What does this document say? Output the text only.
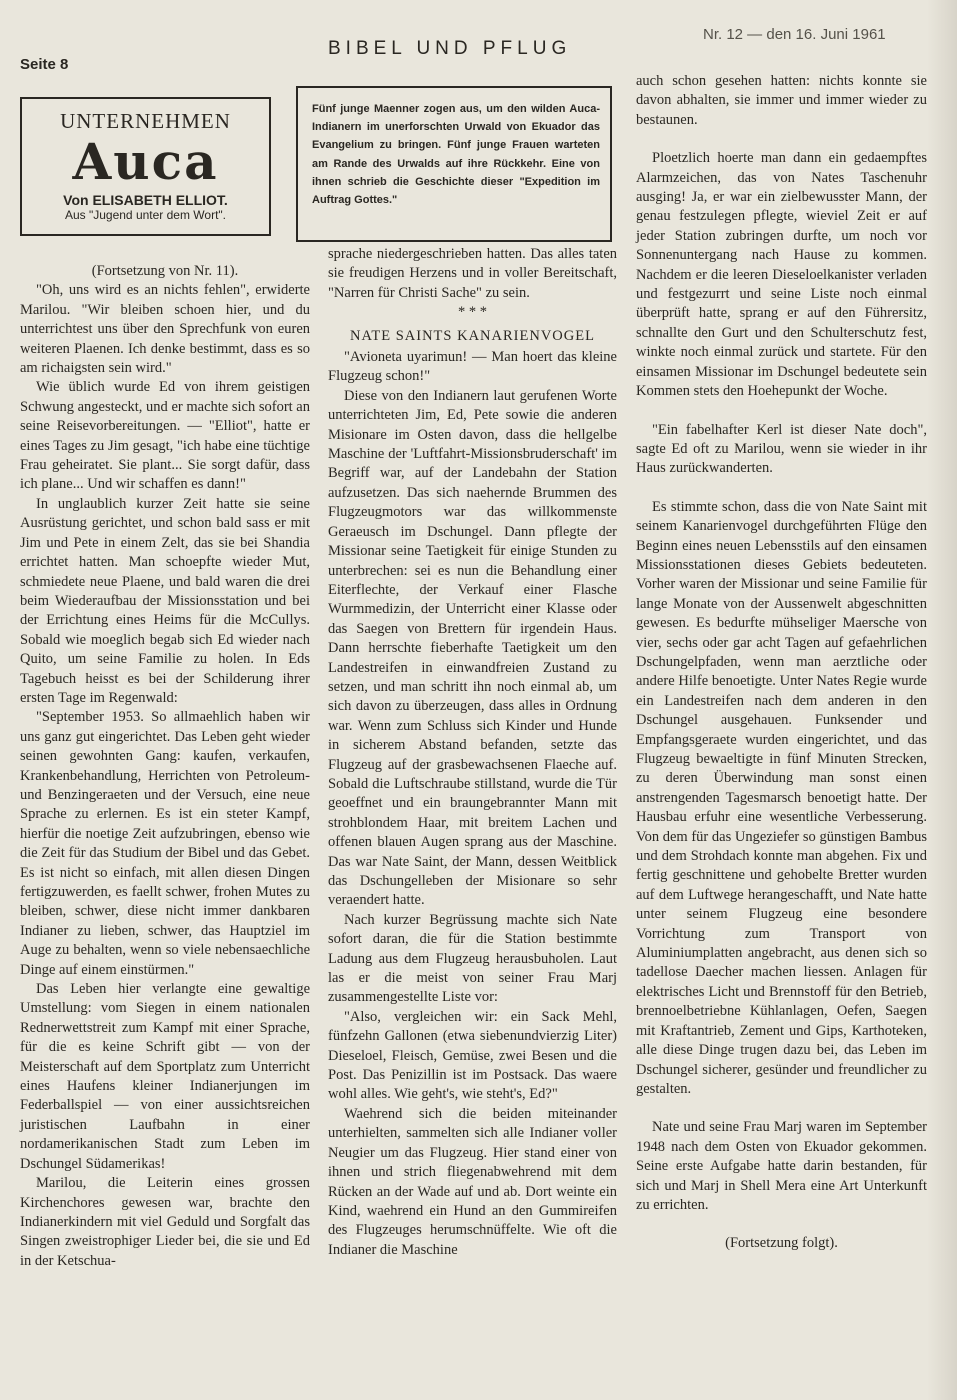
Seite 8
BIBEL UND PFLUG
Nr. 12 — den 16. Juni 1961
UNTERNEHMEN
Auca
Von ELISABETH ELLIOT.
Aus "Jugend unter dem Wort".
Fünf junge Maenner zogen aus, um den wilden Auca-Indianern im unerforschten Urwald von Ekuador das Evangelium zu bringen. Fünf junge Frauen warteten am Rande des Urwalds auf ihre Rückkehr. Eine von ihnen schrieb die Geschichte dieser "Expedition im Auftrag Gottes."

(Fortsetzung von Nr. 11).

"Oh, uns wird es an nichts fehlen", erwiderte Marilou. "Wir bleiben schoen hier, und du unterrichtest uns über den Sprechfunk von euren weiteren Plaenen. Ich denke bestimmt, dass es so am richaigsten sein wird."

Wie üblich wurde Ed von ihrem geistigen Schwung angesteckt, und er machte sich sofort an seine Reisevorbereitungen. — "Elliot", hatte er eines Tages zu Jim gesagt, "ich habe eine tüchtige Frau geheiratet. Sie plant... Sie sorgt dafür, dass ich plane... Und wir schaffen es dann!"

In unglaublich kurzer Zeit hatte sie seine Ausrüstung gerichtet, und schon bald sass er mit Jim und Pete in einem Zelt, das sie bei Shandia errichtet hatten. Man schoepfte wieder Mut, schmiedete neue Plaene, und bald waren die drei beim Wiederaufbau der Missionsstation und bei der Errichtung eines Heims für die McCullys. Sobald wie moeglich begab sich Ed wieder nach Quito, um seine Familie zu holen. In Eds Tagebuch heisst es bei der Schilderung ihrer ersten Tage im Regenwald:

"September 1953. So allmaehlich haben wir uns ganz gut eingerichtet. Das Leben geht wieder seinen gewohnten Gang: kaufen, verkaufen, Krankenbehandlung, Herrichten von Petroleum- und Benzingeraeten und der Versuch, eine neue Sprache zu erlernen. Es ist ein steter Kampf, hierfür die noetige Zeit aufzubringen, ebenso wie die Zeit für das Studium der Bibel und das Gebet. Es ist nicht so einfach, mit allen diesen Dingen fertigzuwerden, es faellt schwer, frohen Mutes zu bleiben, schwer, diese nicht immer dankbaren Indianer zu lieben, schwer, das Hauptziel im Auge zu behalten, wenn so viele nebensaechliche Dinge auf einem einstürmen."

Das Leben hier verlangte eine gewaltige Umstellung: vom Siegen in einem nationalen Rednerwettstreit zum Kampf mit einer Sprache, für die es keine Schrift gibt — von der Meisterschaft auf dem Sportplatz zum Unterricht eines Haufens kleiner Indianerjungen im Federballspiel — von einer aussichtsreichen juristischen Laufbahn in einer nordamerikanischen Stadt zum Leben im Dschungel Südamerikas!

Marilou, die Leiterin eines grossen Kirchenchores gewesen war, brachte den Indianerkindern mit viel Geduld und Sorgfalt das Singen zweistrophiger Lieder bei, die sie und Ed in der Ketschua-

sprache niedergeschrieben hatten. Das alles taten sie freudigen Herzens und in voller Bereitschaft, "Narren für Christi Sache" zu sein.

* * *

NATE SAINTS KANARIENVOGEL

"Avioneta uyarimun! — Man hoert das kleine Flugzeug schon!"

Diese von den Indianern laut gerufenen Worte unterrichteten Jim, Ed, Pete sowie die anderen Misionare im Osten davon, dass die hellgelbe Maschine der 'Luftfahrt-Missionsbruderschaft' im Begriff war, auf der Landebahn der Station aufzusetzen. Das sich naehernde Brummen des Flugzeugmotors war das willkommenste Geraeusch im Dschungel. Dann pflegte der Missionar seine Taetigkeit für einige Stunden zu unterbrechen: sei es nun die Behandlung einer Eiterflechte, der Verkauf einer Flasche Wurmmedizin, der Unterricht einer Klasse oder das Saegen von Brettern für irgendein Haus. Dann herrschte fieberhafte Taetigkeit um den Landestreifen in einwandfreien Zustand zu setzen, und man schritt ihn noch einmal ab, um sich davon zu überzeugen, dass alles in Ordnung war. Wenn zum Schluss sich Kinder und Hunde in sicherem Abstand befanden, setzte das Flugzeug auf der grasbewachsenen Flaeche auf. Sobald die Luftschraube stillstand, wurde die Tür geoeffnet und ein braungebrannter Mann mit strohblondem Haar, mit breitem Lachen und offenen blauen Augen sprang aus der Maschine. Das war Nate Saint, der Mann, dessen Weitblick das Dschungelleben der Misionare so sehr veraendert hatte.

Nach kurzer Begrüssung machte sich Nate sofort daran, die für die Station bestimmte Ladung aus dem Flugzeug herausbuholen. Laut las er die meist von seiner Frau Marj zusammengestellte Liste vor:

"Also, vergleichen wir: ein Sack Mehl, fünfzehn Gallonen (etwa siebenundvierzig Liter) Dieseloel, Fleisch, Gemüse, zwei Besen und die Post. Das Penizillin ist im Postsack. Das waere wohl alles. Wie geht's, wie steht's, Ed?"

Waehrend sich die beiden miteinander unterhielten, sammelten sich alle Indianer voller Neugier um das Flugzeug. Hier stand einer von ihnen und strich fliegenabwehrend mit dem Rücken an der Wade auf und ab. Dort weinte ein Kind, waehrend ein Hund an den Gummireifen des Flugzeuges herumschnüffelte. Wie oft die Indianer die Maschine

auch schon gesehen hatten: nichts konnte sie davon abhalten, sie immer und immer wieder zu bestaunen.

Ploetzlich hoerte man dann ein gedaempftes Alarmzeichen, das von Nates Taschenuhr ausging! Ja, er war ein zielbewusster Mann, der genau festzulegen pflegte, wieviel Zeit er auf jeder Station zubringen durfte, um noch vor Sonnenuntergang nach Hause zu kommen. Nachdem er die leeren Dieseloelkanister verladen und festgezurrt und seine Liste noch einmal überprüft hatte, sprang er auf den Führersitz, schnallte den Gurt und den Schulterschutz fest, winkte noch einmal zurück und startete. Für den einsamen Missionar im Dschungel bedeutete sein Kommen stets den Hoehepunkt der Woche.

"Ein fabelhafter Kerl ist dieser Nate doch", sagte Ed oft zu Marilou, wenn sie wieder in ihr Haus zurückwanderten.

Es stimmte schon, dass die von Nate Saint mit seinem Kanarienvogel durchgeführten Flüge den Beginn eines neuen Lebensstils auf den einsamen Missionsstationen dieses Gebiets bedeuteten. Vorher waren der Missionar und seine Familie für lange Monate von der Aussenwelt abgeschnitten gewesen. Es bedurfte mühseliger Maersche von vier, sechs oder gar acht Tagen auf gefaehrlichen Dschungelpfaden, wenn man aerztliche oder andere Hilfe benoetigte. Unter Nates Regie wurde ein Landestreifen nach dem anderen in den Dschungel ausgehauen. Funksender und Empfangsgeraete wurden eingerichtet, und das Flugzeug bewaeltigte in fünf Minuten Strecken, zu deren Überwindung man sonst einen anstrengenden Tagesmarsch benoetigt hatte. Der Hausbau erfuhr eine wesentliche Verbesserung. Von dem für das Ungeziefer so günstigen Bambus und dem Strohdach konnte man abgehen. Fix und fertig geschnittene und gehobelte Bretter wurden auf dem Luftwege herangeschafft, und Nate hatte unter seinem Flugzeug eine besondere Vorrichtung zum Transport von Aluminiumplatten angebracht, aus denen sich so tadellose Daecher machen liessen. Anlagen für elektrisches Licht und Brennstoff für den Betrieb, brennoelbetriebne Kühlanlagen, Oefen, Saegen mit Kraftantrieb, Zement und Gips, Karthoteken, alle diese Dinge trugen dazu bei, das Leben im Dschungel sicherer, gesünder und freundlicher zu gestalten.

Nate und seine Frau Marj waren im September 1948 nach dem Osten von Ekuador gekommen. Seine erste Aufgabe hatte darin bestanden, für sich und Marj in Shell Mera eine Art Unterkunft zu errichten.

(Fortsetzung folgt).
